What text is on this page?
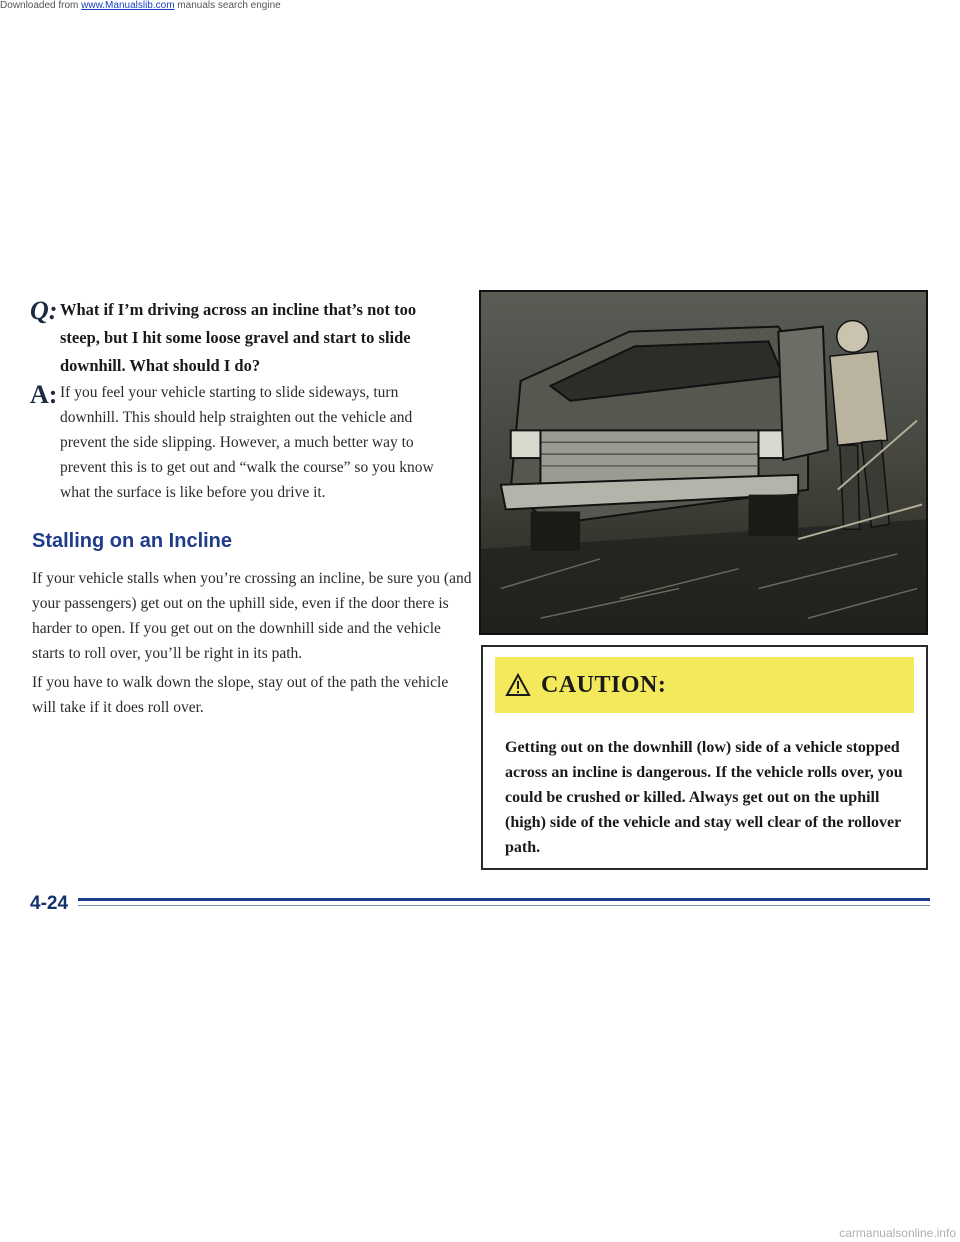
Downloaded from www.Manualslib.com manuals search engine
Q: What if I’m driving across an incline that’s not too steep, but I hit some loose gravel and start to slide downhill. What should I do?
A: If you feel your vehicle starting to slide sideways, turn downhill. This should help straighten out the vehicle and prevent the side slipping. However, a much better way to prevent this is to get out and “walk the course” so you know what the surface is like before you drive it.
Stalling on an Incline

If your vehicle stalls when you’re crossing an incline, be sure you (and your passengers) get out on the uphill side, even if the door there is harder to open. If you get out on the downhill side and the vehicle starts to roll over, you’ll be right in its path.

If you have to walk down the slope, stay out of the path the vehicle will take if it does roll over.

CAUTION:

Getting out on the downhill (low) side of a vehicle stopped across an incline is dangerous. If the vehicle rolls over, you could be crushed or killed. Always get out on the uphill (high) side of the vehicle and stay well clear of the rollover path.

4-24
carmanualsonline.info
